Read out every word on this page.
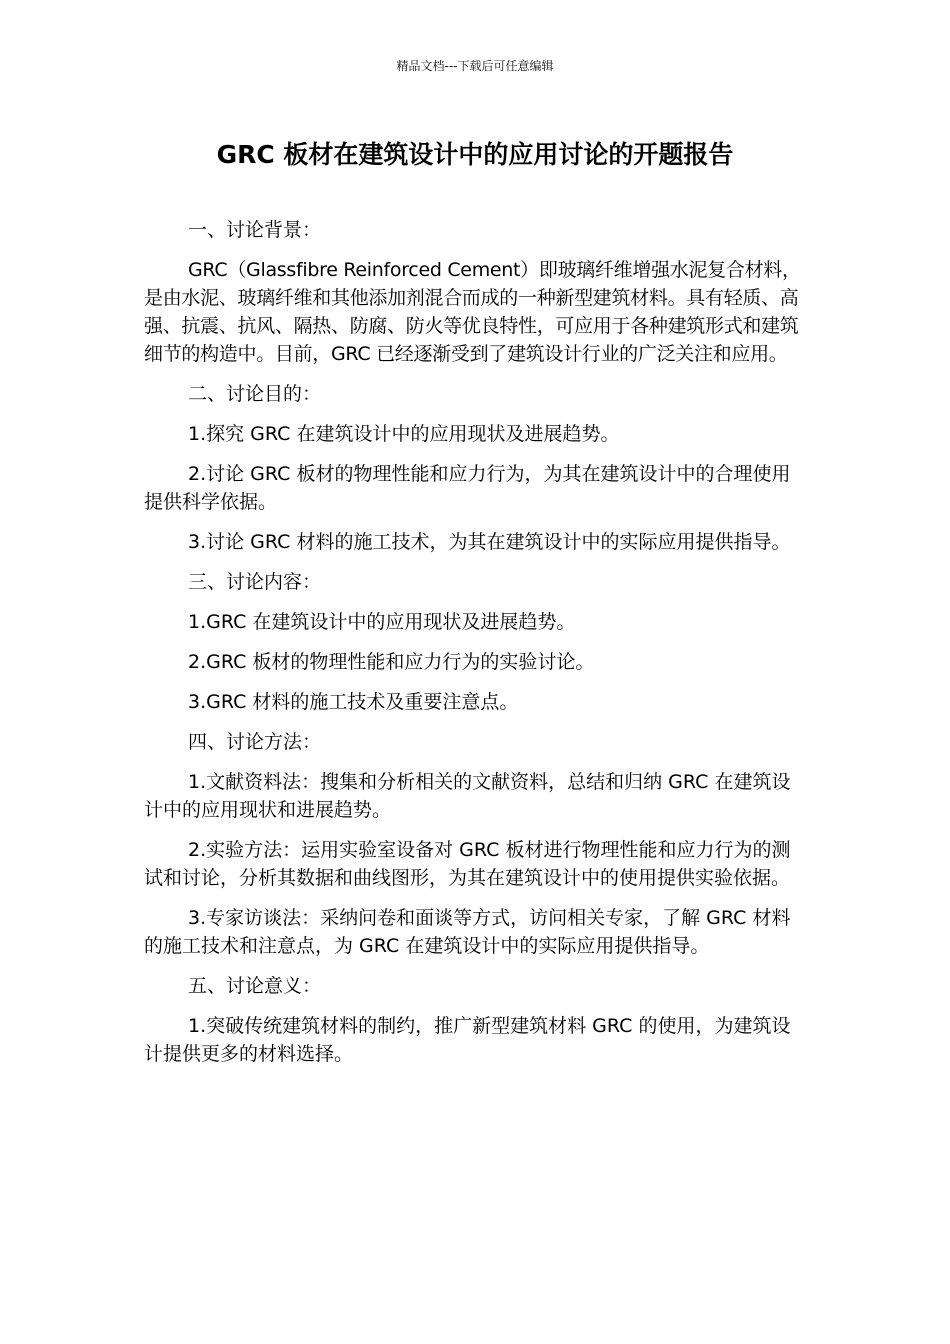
精品文档---下载后可任意编辑
GRC 板材在建筑设计中的应用讨论的开题报告

一、讨论背景：

GRC（Glassfibre Reinforced Cement）即玻璃纤维增强水泥复合材料，是由水泥、玻璃纤维和其他添加剂混合而成的一种新型建筑材料。具有轻质、高强、抗震、抗风、隔热、防腐、防火等优良特性，可应用于各种建筑形式和建筑细节的构造中。目前，GRC 已经逐渐受到了建筑设计行业的广泛关注和应用。

二、讨论目的：

1.探究 GRC 在建筑设计中的应用现状及进展趋势。

2.讨论 GRC 板材的物理性能和应力行为，为其在建筑设计中的合理使用提供科学依据。

3.讨论 GRC 材料的施工技术，为其在建筑设计中的实际应用提供指导。

三、讨论内容：

1.GRC 在建筑设计中的应用现状及进展趋势。

2.GRC 板材的物理性能和应力行为的实验讨论。

3.GRC 材料的施工技术及重要注意点。

四、讨论方法：

1.文献资料法：搜集和分析相关的文献资料，总结和归纳 GRC 在建筑设计中的应用现状和进展趋势。

2.实验方法：运用实验室设备对 GRC 板材进行物理性能和应力行为的测试和讨论，分析其数据和曲线图形，为其在建筑设计中的使用提供实验依据。

3.专家访谈法：采纳问卷和面谈等方式，访问相关专家，了解 GRC 材料的施工技术和注意点，为 GRC 在建筑设计中的实际应用提供指导。

五、讨论意义：

1.突破传统建筑材料的制约，推广新型建筑材料 GRC 的使用，为建筑设计提供更多的材料选择。
